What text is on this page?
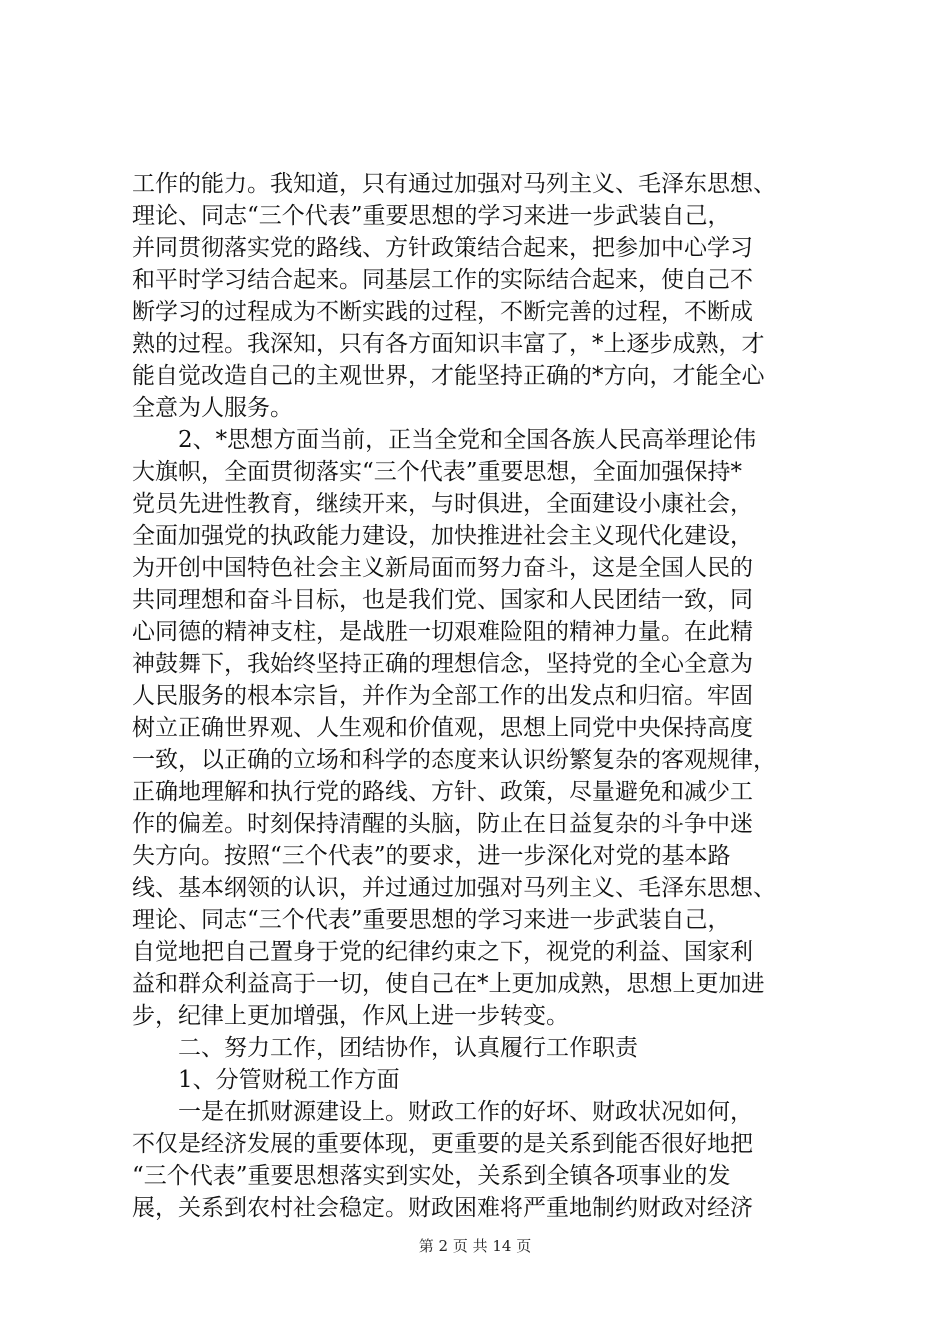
工作的能力。我知道，只有通过加强对马列主义、毛泽东思想、
理论、同志“三个代表”重要思想的学习来进一步武装自己，
并同贯彻落实党的路线、方针政策结合起来，把参加中心学习
和平时学习结合起来。同基层工作的实际结合起来，使自己不
断学习的过程成为不断实践的过程，不断完善的过程，不断成
熟的过程。我深知，只有各方面知识丰富了，*上逐步成熟，才
能自觉改造自己的主观世界，才能坚持正确的*方向，才能全心
全意为人服务。
　　2、*思想方面当前，正当全党和全国各族人民高举理论伟
大旗帜，全面贯彻落实“三个代表”重要思想，全面加强保持*
党员先进性教育，继续开来，与时俱进，全面建设小康社会，
全面加强党的执政能力建设，加快推进社会主义现代化建设，
为开创中国特色社会主义新局面而努力奋斗，这是全国人民的
共同理想和奋斗目标，也是我们党、国家和人民团结一致，同
心同德的精神支柱，是战胜一切艰难险阻的精神力量。在此精
神鼓舞下，我始终坚持正确的理想信念，坚持党的全心全意为
人民服务的根本宗旨，并作为全部工作的出发点和归宿。牢固
树立正确世界观、人生观和价值观，思想上同党中央保持高度
一致，以正确的立场和科学的态度来认识纷繁复杂的客观规律，
正确地理解和执行党的路线、方针、政策，尽量避免和减少工
作的偏差。时刻保持清醒的头脑，防止在日益复杂的斗争中迷
失方向。按照“三个代表”的要求，进一步深化对党的基本路
线、基本纲领的认识，并过通过加强对马列主义、毛泽东思想、
理论、同志“三个代表”重要思想的学习来进一步武装自己，
自觉地把自己置身于党的纪律约束之下，视党的利益、国家利
益和群众利益高于一切，使自己在*上更加成熟，思想上更加进
步，纪律上更加增强，作风上进一步转变。
　　二、努力工作，团结协作，认真履行工作职责
　　1、分管财税工作方面
　　一是在抓财源建设上。财政工作的好坏、财政状况如何，
不仅是经济发展的重要体现，更重要的是关系到能否很好地把
“三个代表”重要思想落实到实处，关系到全镇各项事业的发
展，关系到农村社会稳定。财政困难将严重地制约财政对经济
第 2 页 共 14 页
